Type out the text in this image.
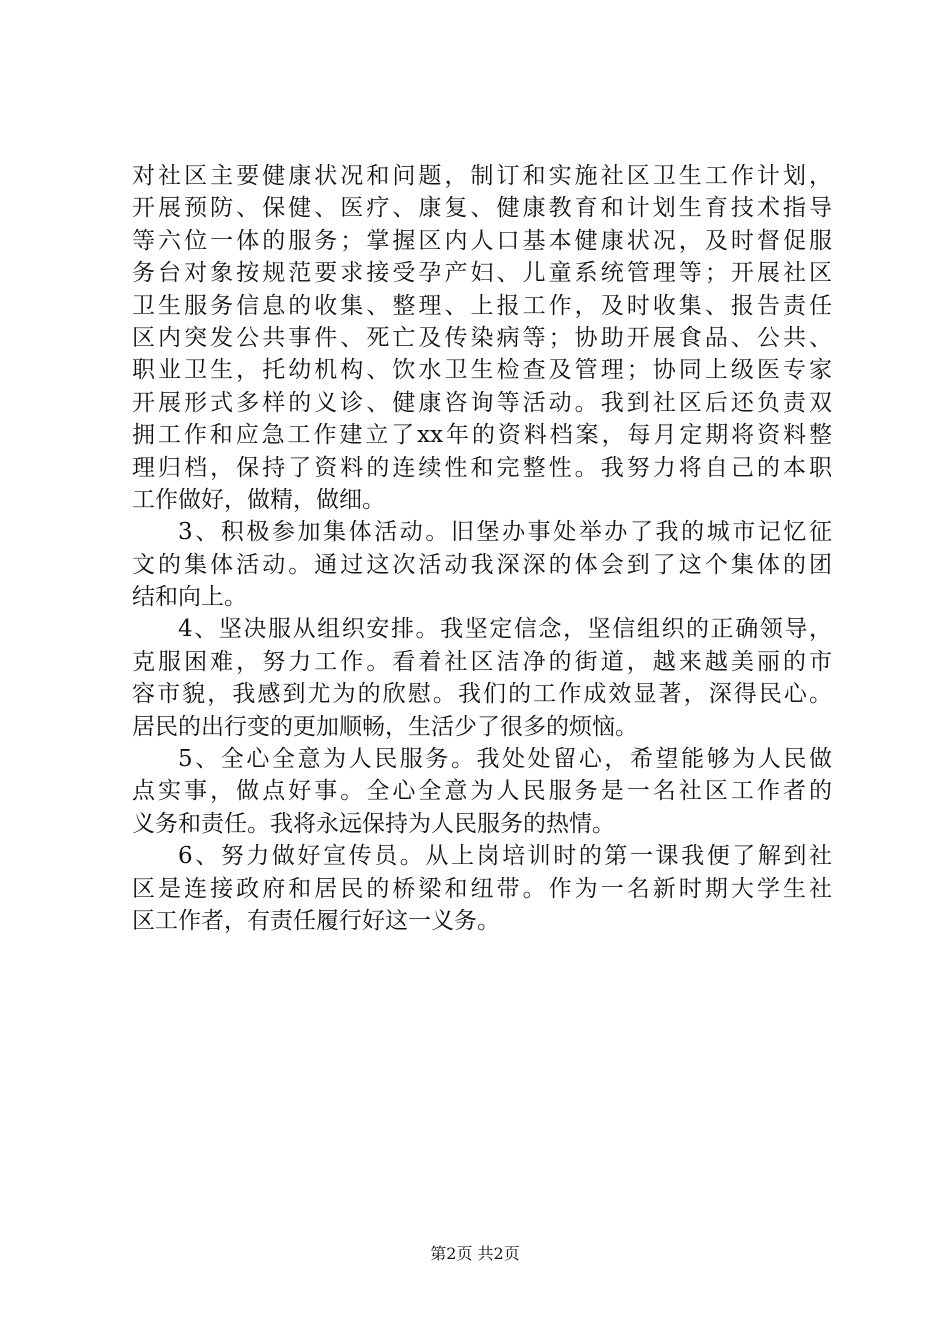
对社区主要健康状况和问题，制订和实施社区卫生工作计划，
开展预防、保健、医疗、康复、健康教育和计划生育技术指导
等六位一体的服务；掌握区内人口基本健康状况，及时督促服
务台对象按规范要求接受孕产妇、儿童系统管理等；开展社区
卫生服务信息的收集、整理、上报工作，及时收集、报告责任
区内突发公共事件、死亡及传染病等；协助开展食品、公共、
职业卫生，托幼机构、饮水卫生检查及管理；协同上级医专家
开展形式多样的义诊、健康咨询等活动。我到社区后还负责双
拥工作和应急工作建立了xx年的资料档案，每月定期将资料整
理归档，保持了资料的连续性和完整性。我努力将自己的本职
工作做好，做精，做细。
3、积极参加集体活动。旧堡办事处举办了我的城市记忆征
文的集体活动。通过这次活动我深深的体会到了这个集体的团
结和向上。
4、坚决服从组织安排。我坚定信念，坚信组织的正确领导，
克服困难，努力工作。看着社区洁净的街道，越来越美丽的市
容市貌，我感到尤为的欣慰。我们的工作成效显著，深得民心。
居民的出行变的更加顺畅，生活少了很多的烦恼。
5、全心全意为人民服务。我处处留心，希望能够为人民做
点实事，做点好事。全心全意为人民服务是一名社区工作者的
义务和责任。我将永远保持为人民服务的热情。
6、努力做好宣传员。从上岗培训时的第一课我便了解到社
区是连接政府和居民的桥梁和纽带。作为一名新时期大学生社
区工作者，有责任履行好这一义务。
第2页 共2页
